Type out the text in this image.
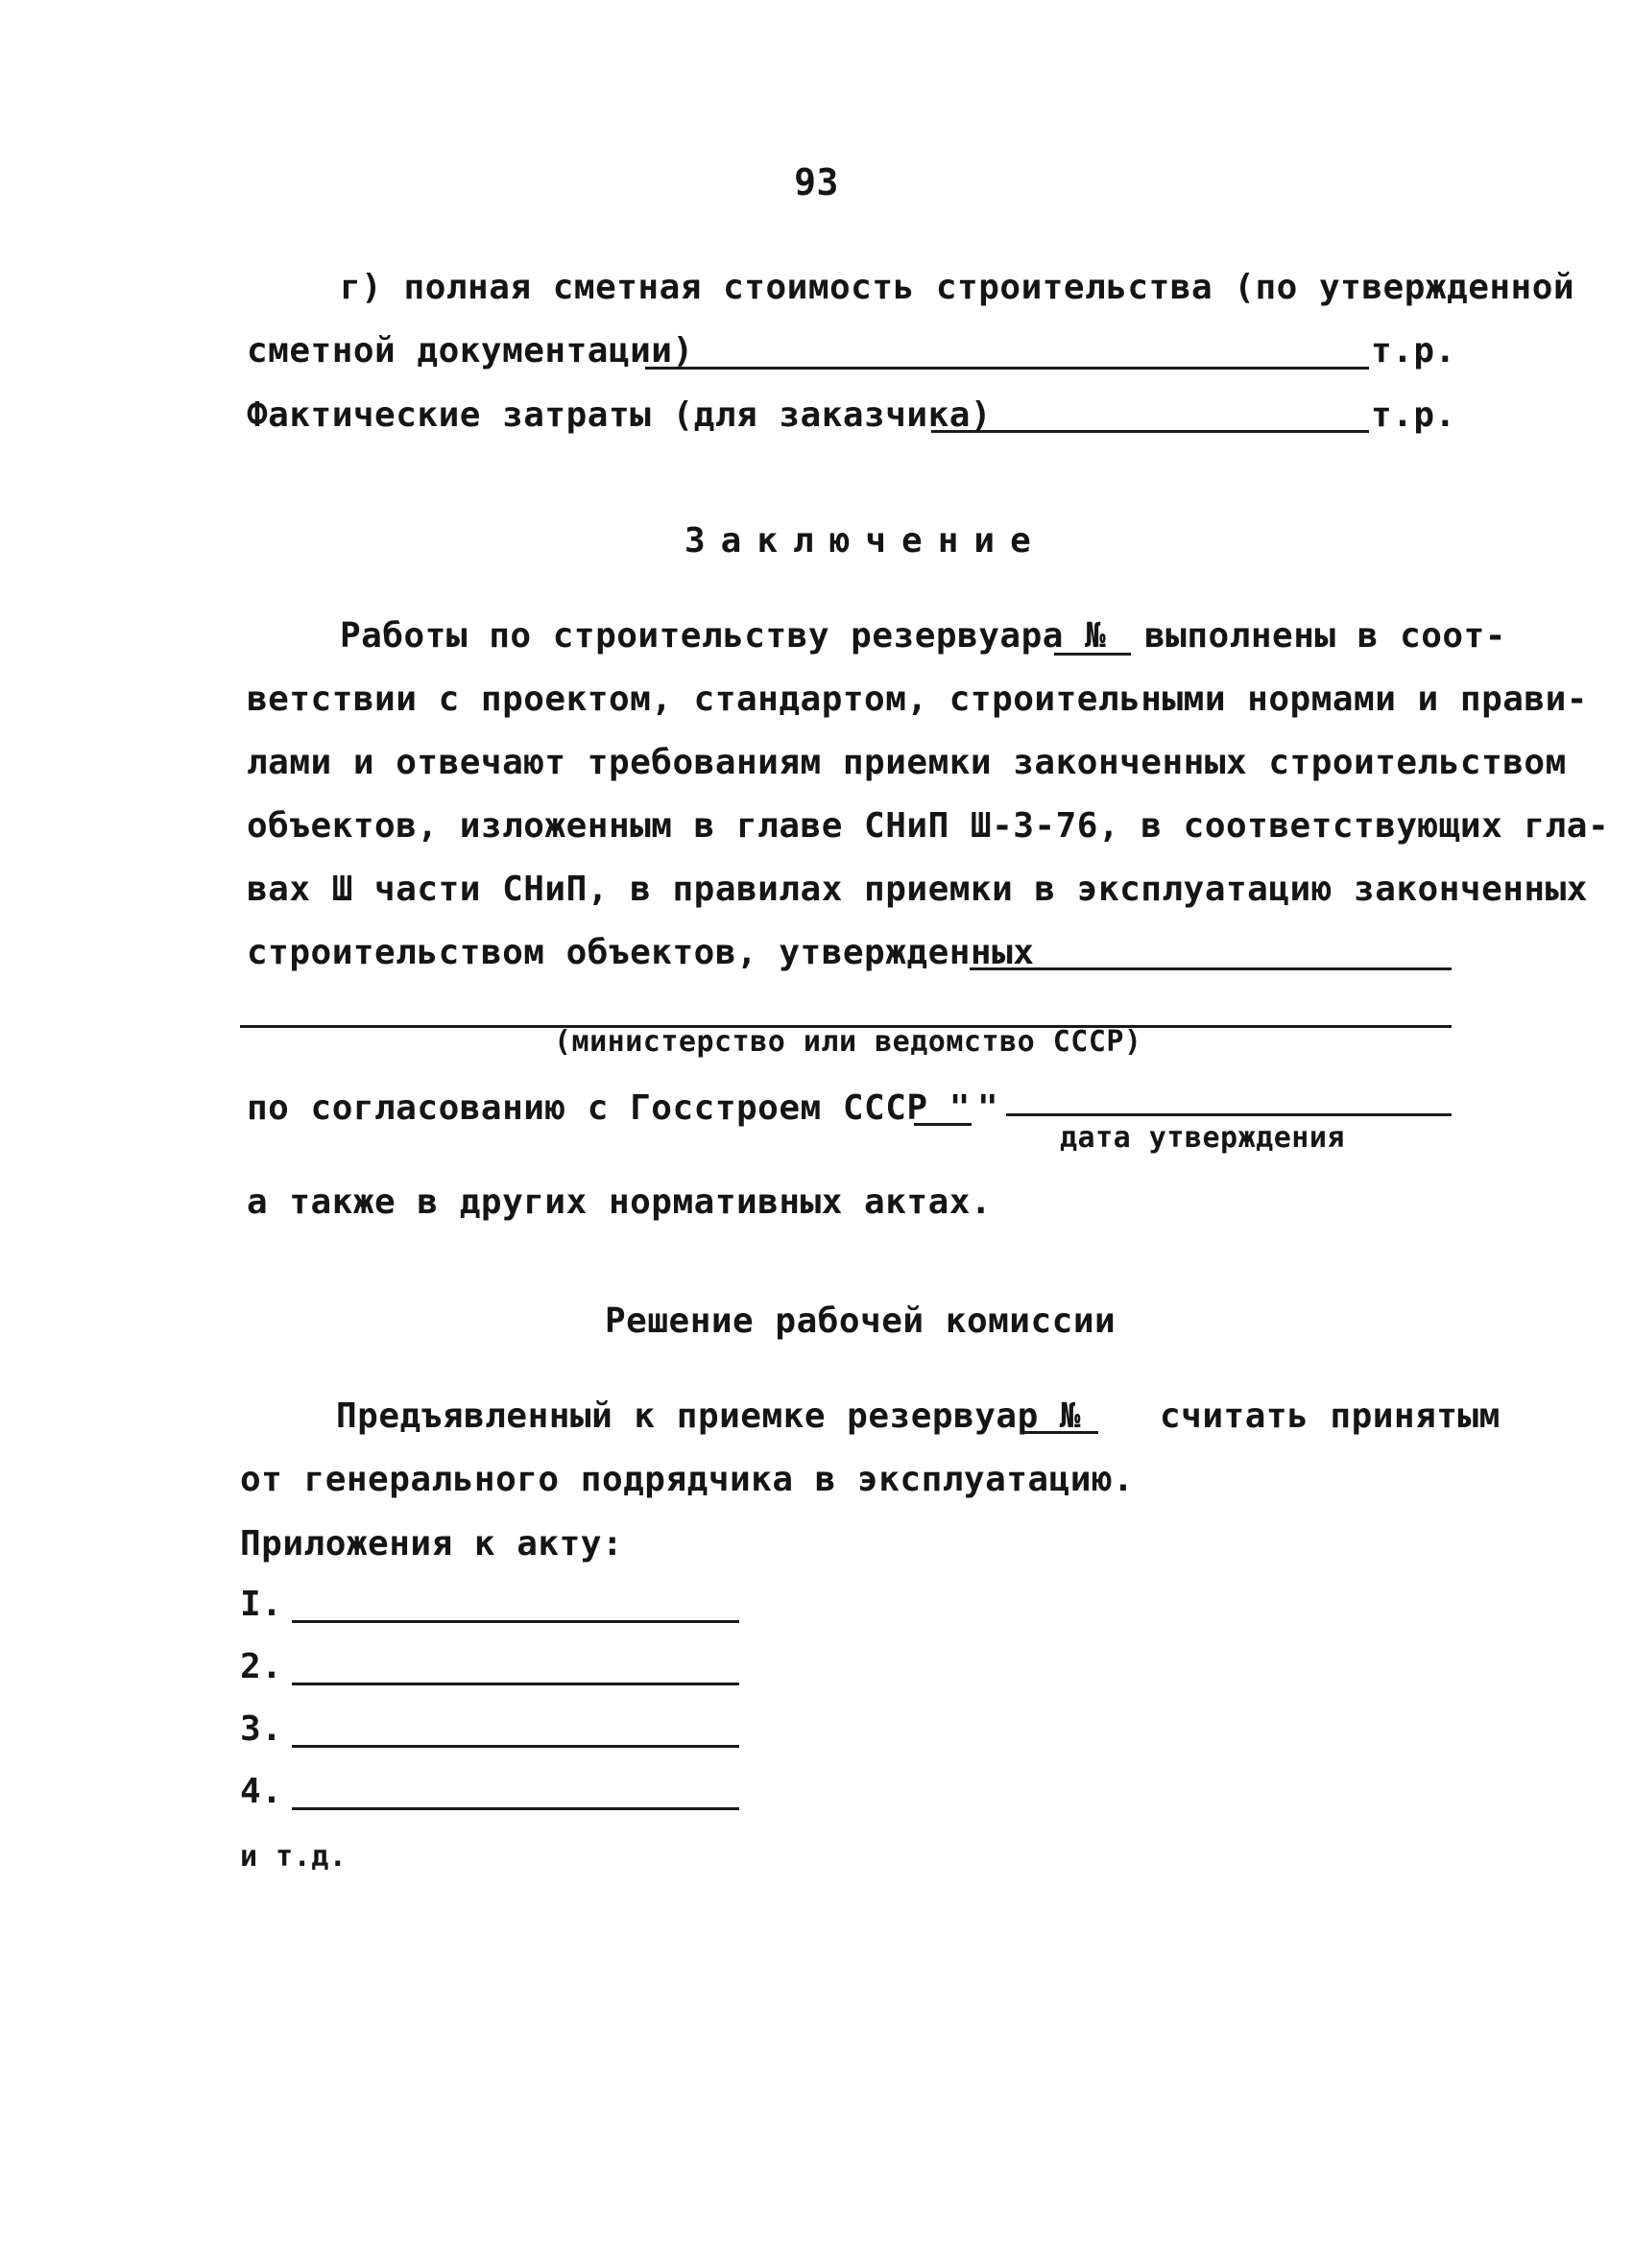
93
г) полная сметная стоимость строительства (по утвержденной
сметной документации)	т.р.
Фактические затраты (для заказчика)	т.р.
Заключение
Работы по строительству резервуара № выполнены в соот-
ветствии с проектом, стандартом, строительными нормами и прави-
лами и отвечают требованиям приемки законченных строительством
объектов, изложенным в главе СНиП Ш-3-76, в соответствующих гла-
вах Ш части СНиП, в правилах приемки в эксплуатацию законченных
строительством объектов, утвержденных
(министерство или ведомство СССР)
по согласованию с Госстроем СССР " "
дата утверждения
а также в других нормативных актах.
Решение рабочей комиссии
Предъявленный к приемке резервуар № считать принятым
от генерального подрядчика в эксплуатацию.
Приложения к акту:
I.
2.
3.
4.
и т.д.
